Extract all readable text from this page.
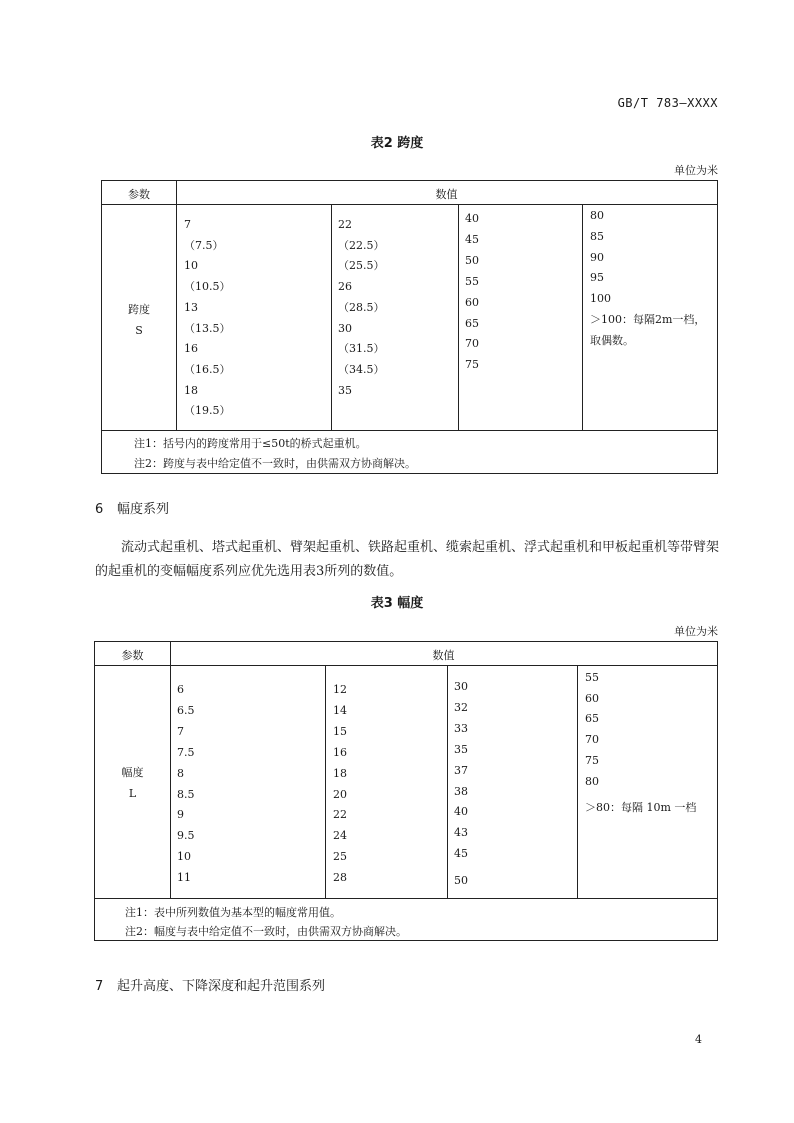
GB/T 783—XXXX
表2 跨度
单位为米
参数	数值
跨度
S
7
（7.5）
10
（10.5）
13
（13.5）
16
（16.5）
18
（19.5）
22
（22.5）
（25.5）
26
（28.5）
30
（31.5）
（34.5）
35
40
45
50
55
60
65
70
75
80
85
90
95
100
＞100：每隔2m一档，
取偶数。
注1：括号内的跨度常用于≤50t的桥式起重机。
注2：跨度与表中给定值不一致时，由供需双方协商解决。
6 幅度系列
流动式起重机、塔式起重机、臂架起重机、铁路起重机、缆索起重机、浮式起重机和甲板起重机等带臂架的起重机的变幅幅度系列应优先选用表3所列的数值。
表3 幅度
单位为米
参数	数值
幅度
L
6
6.5
7
7.5
8
8.5
9
9.5
10
11
12
14
15
16
18
20
22
24
25
28
30
32
33
35
37
38
40
43
45
50
55
60
65
70
75
80
＞80：每隔 10m 一档
注1：表中所列数值为基本型的幅度常用值。
注2：幅度与表中给定值不一致时，由供需双方协商解决。
7 起升高度、下降深度和起升范围系列
4
